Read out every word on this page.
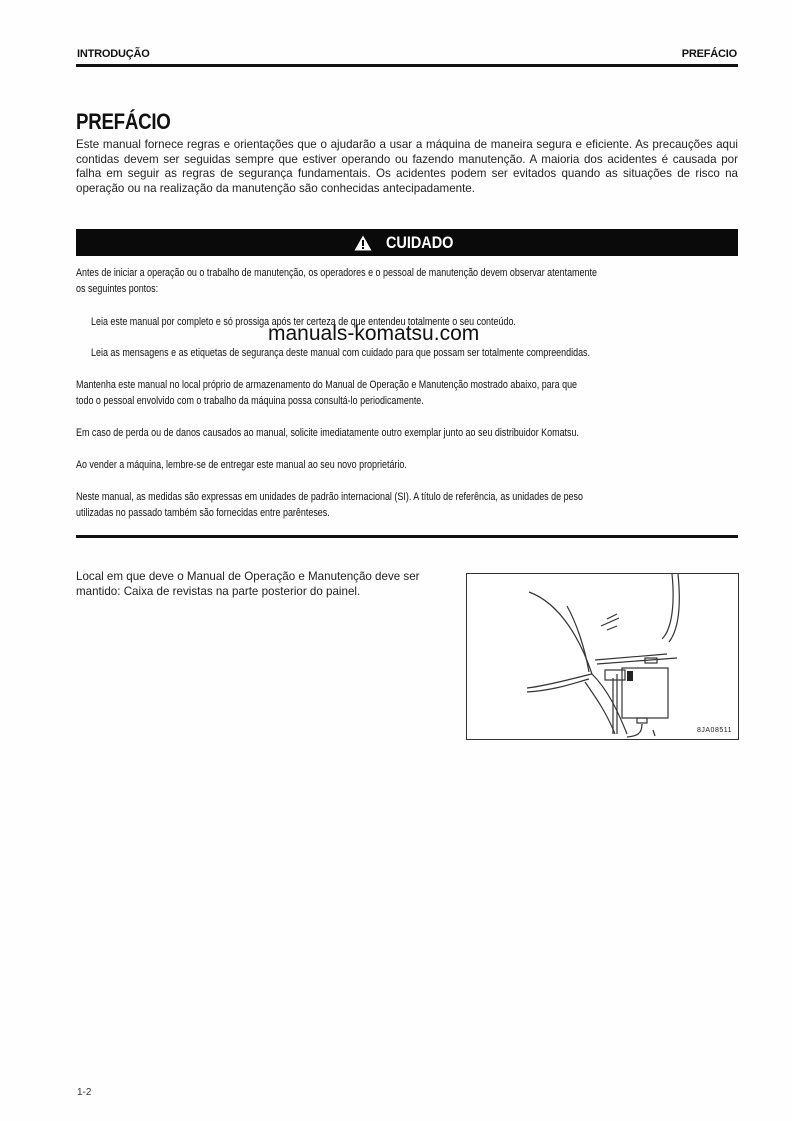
INTRODUÇÃO	PREFÁCIO
PREFÁCIO
Este manual fornece regras e orientações que o ajudarão a usar a máquina de maneira segura e eficiente. As precauções aqui contidas devem ser seguidas sempre que estiver operando ou fazendo manutenção. A maioria dos acidentes é causada por falha em seguir as regras de segurança fundamentais. Os acidentes podem ser evitados quando as situações de risco na operação ou na realização da manutenção são conhecidas antecipadamente.
CUIDADO
Antes de iniciar a operação ou o trabalho de manutenção, os operadores e o pessoal de manutenção devem observar atentamente
os seguintes pontos:
Leia este manual por completo e só prossiga após ter certeza de que entendeu totalmente o seu conteúdo.
manuals-komatsu.com
Leia as mensagens e as etiquetas de segurança deste manual com cuidado para que possam ser totalmente compreendidas.
Mantenha este manual no local próprio de armazenamento do Manual de Operação e Manutenção mostrado abaixo, para que
todo o pessoal envolvido com o trabalho da máquina possa consultá-lo periodicamente.
Em caso de perda ou de danos causados ao manual, solicite imediatamente outro exemplar junto ao seu distribuidor Komatsu.
Ao vender a máquina, lembre-se de entregar este manual ao seu novo proprietário.
Neste manual, as medidas são expressas em unidades de padrão internacional (SI). A título de referência, as unidades de peso
utilizadas no passado também são fornecidas entre parênteses.
Local em que deve o Manual de Operação e Manutenção deve ser mantido: Caixa de revistas na parte posterior do painel.
8JA08511
1-2
